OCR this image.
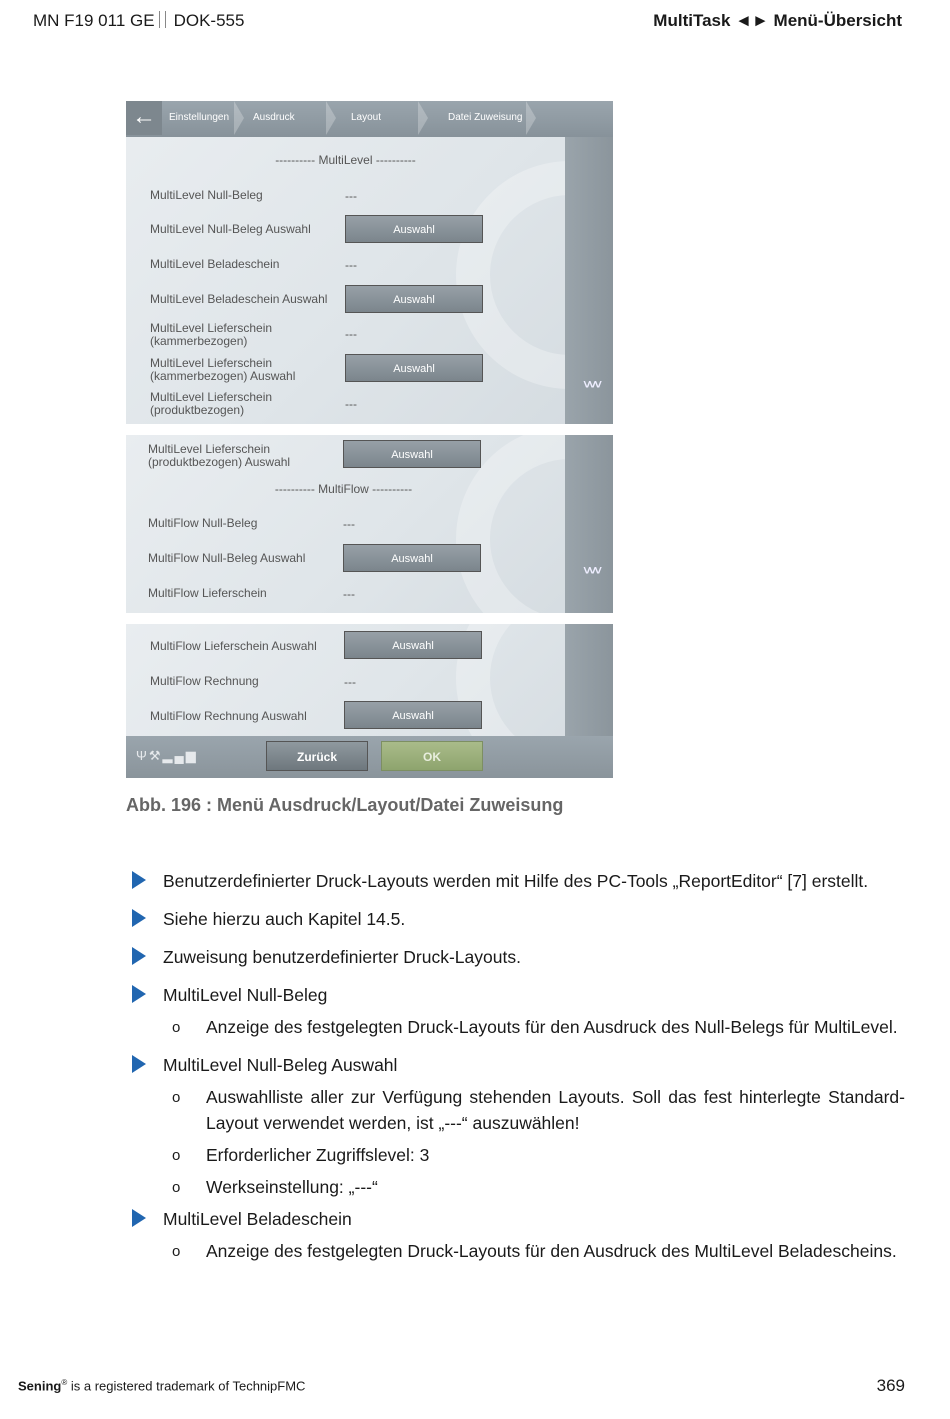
MN F19 011 GE DOK-555	MultiTask ◄► Menü-Übersicht
←	Einstellungen Ausdruck	Layout	Datei Zuweisung
˅˅˅
---------- MultiLevel ----------
MultiLevel Null-Beleg	---
MultiLevel Null-Beleg Auswahl	Auswahl
MultiLevel Beladeschein	---
MultiLevel Beladeschein Auswahl	Auswahl
MultiLevel Lieferschein
(kammerbezogen)	---
MultiLevel Lieferschein
(kammerbezogen) Auswahl	Auswahl
MultiLevel Lieferschein
(produktbezogen)	---
˅˅˅
MultiLevel Lieferschein
(produktbezogen) Auswahl	Auswahl
---------- MultiFlow ----------
MultiFlow Null-Beleg	---
MultiFlow Null-Beleg Auswahl	Auswahl
MultiFlow Lieferschein	---
MultiFlow Lieferschein Auswahl	Auswahl
MultiFlow Rechnung	---
MultiFlow Rechnung Auswahl	Auswahl
Ψ⚒▂▄▆	Zurück	OK
Abb. 196 : Menü Ausdruck/Layout/Datei Zuweisung
Benutzerdefinierter Druck-Layouts werden mit Hilfe des PC-Tools „ReportEditor“ [7] erstellt.
Siehe hierzu auch Kapitel 14.5.
Zuweisung benutzerdefinierter Druck-Layouts.
MultiLevel Null-Beleg
o Anzeige des festgelegten Druck-Layouts für den Ausdruck des Null-Belegs für MultiLevel.
MultiLevel Null-Beleg Auswahl
o Auswahlliste aller zur Verfügung stehenden Layouts. Soll das fest hinterlegte Standard-Layout verwendet werden, ist „---“ auszuwählen!
o Erforderlicher Zugriffslevel: 3
o Werkseinstellung: „---“
MultiLevel Beladeschein
o Anzeige des festgelegten Druck-Layouts für den Ausdruck des MultiLevel Beladescheins.
Sening® is a registered trademark of TechnipFMC	369
